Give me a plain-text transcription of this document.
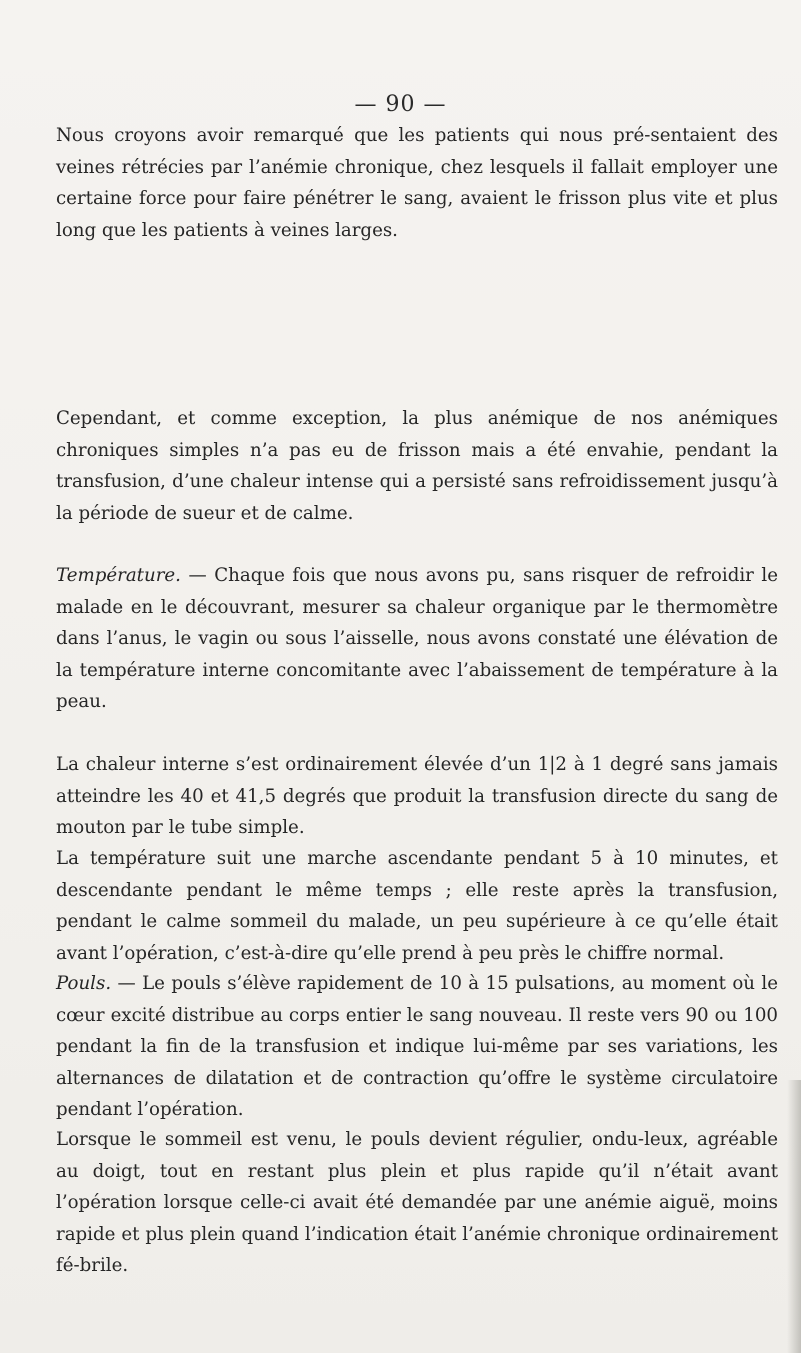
— 90 —

Nous croyons avoir remarqué que les patients qui nous pré-sentaient des veines rétrécies par l’anémie chronique, chez lesquels il fallait employer une certaine force pour faire pénétrer le sang, avaient le frisson plus vite et plus long que les patients à veines larges.

Cependant, et comme exception, la plus anémique de nos anémiques chroniques simples n’a pas eu de frisson mais a été envahie, pendant la transfusion, d’une chaleur intense qui a persisté sans refroidissement jusqu’à la période de sueur et de calme.

Température. — Chaque fois que nous avons pu, sans risquer de refroidir le malade en le découvrant, mesurer sa chaleur organique par le thermomètre dans l’anus, le vagin ou sous l’aisselle, nous avons constaté une élévation de la température interne concomitante avec l’abaissement de température à la peau.

La chaleur interne s’est ordinairement élevée d’un 1|2 à 1 degré sans jamais atteindre les 40 et 41,5 degrés que produit la transfusion directe du sang de mouton par le tube simple.

La température suit une marche ascendante pendant 5 à 10 minutes, et descendante pendant le même temps ; elle reste après la transfusion, pendant le calme sommeil du malade, un peu supérieure à ce qu’elle était avant l’opération, c’est-à-dire qu’elle prend à peu près le chiffre normal.

Pouls. — Le pouls s’élève rapidement de 10 à 15 pulsations, au moment où le cœur excité distribue au corps entier le sang nouveau. Il reste vers 90 ou 100 pendant la fin de la transfusion et indique lui-même par ses variations, les alternances de dilatation et de contraction qu’offre le système circulatoire pendant l’opération.

Lorsque le sommeil est venu, le pouls devient régulier, ondu-leux, agréable au doigt, tout en restant plus plein et plus rapide qu’il n’était avant l’opération lorsque celle-ci avait été demandée par une anémie aiguë, moins rapide et plus plein quand l’indication était l’anémie chronique ordinairement fé-brile.
